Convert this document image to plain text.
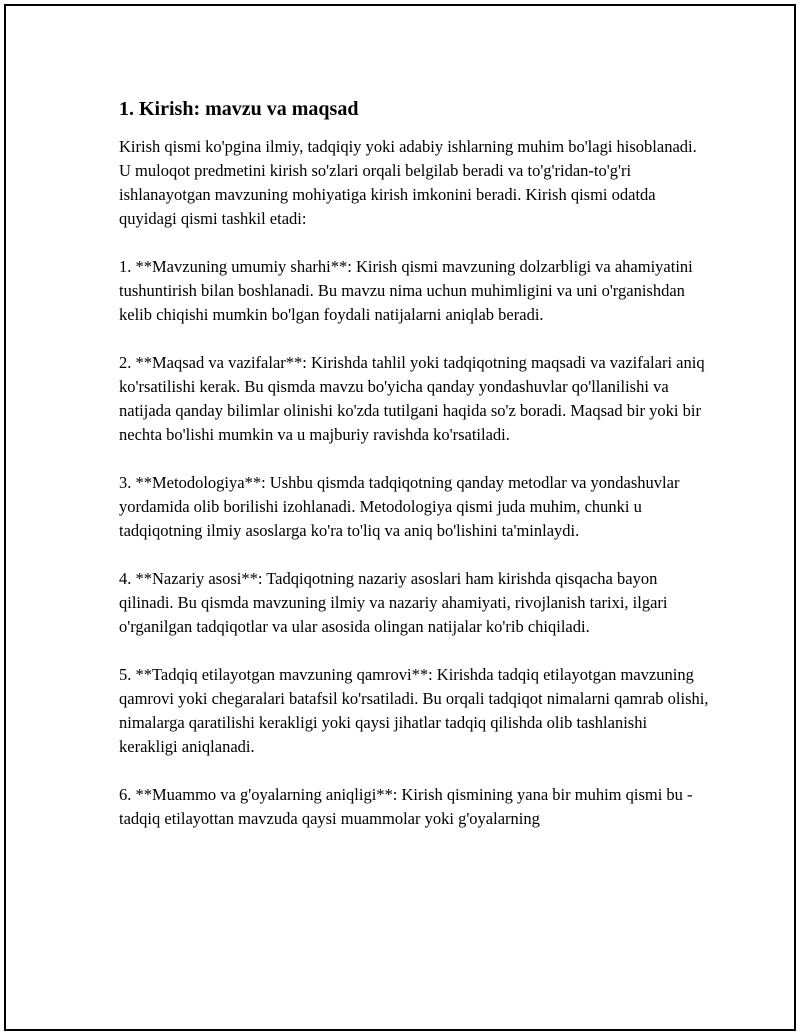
1. Kirish: mavzu va maqsad

Kirish qismi ko'pgina ilmiy, tadqiqiy yoki adabiy ishlarning muhim bo'lagi hisoblanadi. U muloqot predmetini kirish so'zlari orqali belgilab beradi va to'g'ridan-to'g'ri ishlanayotgan mavzuning mohiyatiga kirish imkonini beradi. Kirish qismi odatda quyidagi qismi tashkil etadi:

1. **Mavzuning umumiy sharhi**: Kirish qismi mavzuning dolzarbligi va ahamiyatini tushuntirish bilan boshlanadi. Bu mavzu nima uchun muhimligini va uni o'rganishdan kelib chiqishi mumkin bo'lgan foydali natijalarni aniqlab beradi.

2. **Maqsad va vazifalar**: Kirishda tahlil yoki tadqiqotning maqsadi va vazifalari aniq ko'rsatilishi kerak. Bu qismda mavzu bo'yicha qanday yondashuvlar qo'llanilishi va natijada qanday bilimlar olinishi ko'zda tutilgani haqida so'z boradi. Maqsad bir yoki bir nechta bo'lishi mumkin va u majburiy ravishda ko'rsatiladi.

3. **Metodologiya**: Ushbu qismda tadqiqotning qanday metodlar va yondashuvlar yordamida olib borilishi izohlanadi. Metodologiya qismi juda muhim, chunki u tadqiqotning ilmiy asoslarga ko'ra to'liq va aniq bo'lishini ta'minlaydi.

4. **Nazariy asosi**: Tadqiqotning nazariy asoslari ham kirishda qisqacha bayon qilinadi. Bu qismda mavzuning ilmiy va nazariy ahamiyati, rivojlanish tarixi, ilgari o'rganilgan tadqiqotlar va ular asosida olingan natijalar ko'rib chiqiladi.

5. **Tadqiq etilayotgan mavzuning qamrovi**: Kirishda tadqiq etilayotgan mavzuning qamrovi yoki chegaralari batafsil ko'rsatiladi. Bu orqali tadqiqot nimalarni qamrab olishi, nimalarga qaratilishi kerakligi yoki qaysi jihatlar tadqiq qilishda olib tashlanishi kerakligi aniqlanadi.

6. **Muammo va g'oyalarning aniqligi**: Kirish qismining yana bir muhim qismi bu - tadqiq etilayottan mavzuda qaysi muammolar yoki g'oyalarning
